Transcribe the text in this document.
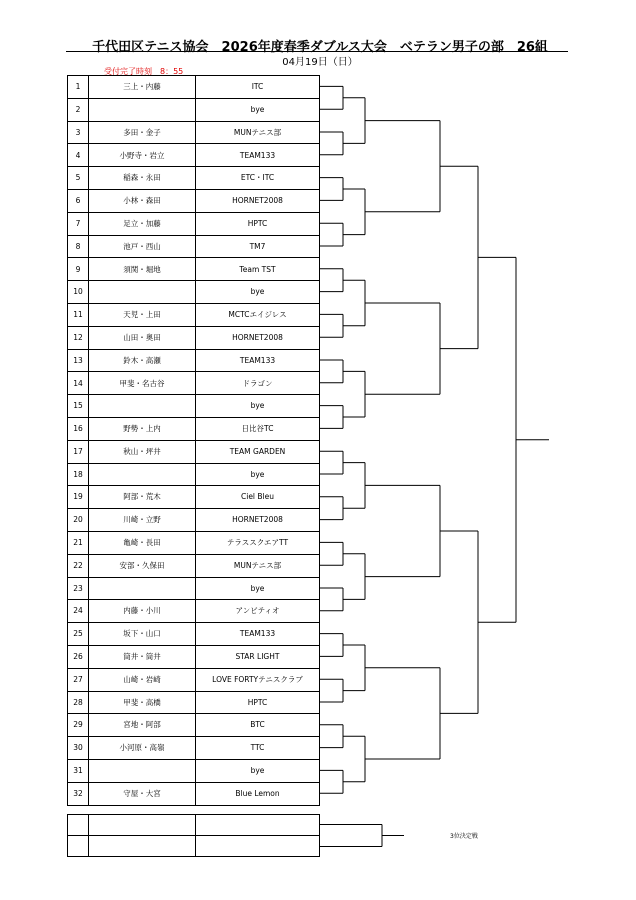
千代田区テニス協会　2026年度春季ダブルス大会　ベテラン男子の部　26組
04月19日（日）
受付完了時刻　8：55
1	三上・内藤	ITC
2		bye
3	多田・金子	MUNテニス部
4	小野寺・岩立	TEAM133
5	稲森・永田	ETC・ITC
6	小林・森田	HORNET2008
7	足立・加藤	HPTC
8	池戸・西山	TM7
9	須関・堀地	Team TST
10		bye
11	天児・上田	MCTCエイジレス
12	山田・奥田	HORNET2008
13	鈴木・高瀬	TEAM133
14	甲斐・名古谷	ドラゴン
15		bye
16	野勢・上内	日比谷TC
17	秋山・坪井	TEAM GARDEN
18		bye
19	阿部・荒木	Ciel Bleu
20	川崎・立野	HORNET2008
21	亀崎・長田	テラススクエアTT
22	安部・久保田	MUNテニス部
23		bye
24	内藤・小川	アンビティオ
25	坂下・山口	TEAM133
26	筒井・筒井	STAR LIGHT
27	山崎・岩崎	LOVE FORTYテニスクラブ
28	甲斐・高橋	HPTC
29	宮地・阿部	BTC
30	小河原・高嶺	TTC
31		bye
32	守屋・大宮	Blue Lemon

3位決定戦
